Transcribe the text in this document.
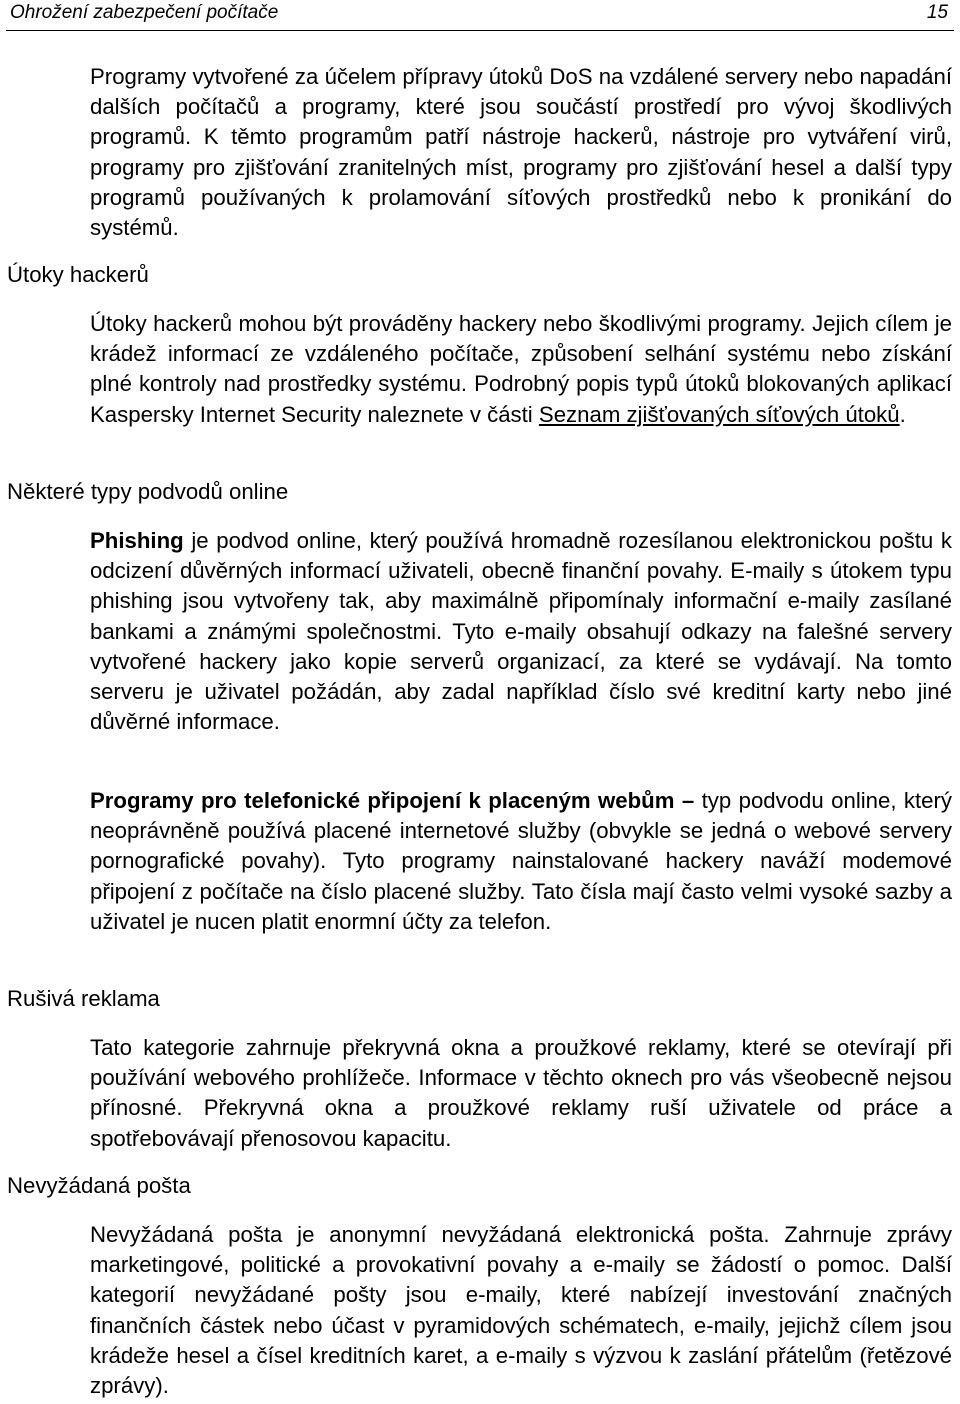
Ohrožení zabezpečení počítače	15

Programy vytvořené za účelem přípravy útoků DoS na vzdálené servery nebo napadání dalších počítačů a programy, které jsou součástí prostředí pro vývoj škodlivých programů. K těmto programům patří nástroje hackerů, nástroje pro vytváření virů, programy pro zjišťování zranitelných míst, programy pro zjišťování hesel a další typy programů používaných k prolamování síťových prostředků nebo k pronikání do systémů.

Útoky hackerů

Útoky hackerů mohou být prováděny hackery nebo škodlivými programy. Jejich cílem je krádež informací ze vzdáleného počítače, způsobení selhání systému nebo získání plné kontroly nad prostředky systému. Podrobný popis typů útoků blokovaných aplikací Kaspersky Internet Security naleznete v části Seznam zjišťovaných síťových útoků.

Některé typy podvodů online

Phishing je podvod online, který používá hromadně rozesílanou elektronickou poštu k odcizení důvěrných informací uživateli, obecně finanční povahy. E-maily s útokem typu phishing jsou vytvořeny tak, aby maximálně připomínaly informační e-maily zasílané bankami a známými společnostmi. Tyto e-maily obsahují odkazy na falešné servery vytvořené hackery jako kopie serverů organizací, za které se vydávají. Na tomto serveru je uživatel požádán, aby zadal například číslo své kreditní karty nebo jiné důvěrné informace.

Programy pro telefonické připojení k placeným webům – typ podvodu online, který neoprávněně používá placené internetové služby (obvykle se jedná o webové servery pornografické povahy). Tyto programy nainstalované hackery naváží modemové připojení z počítače na číslo placené služby. Tato čísla mají často velmi vysoké sazby a uživatel je nucen platit enormní účty za telefon.

Rušivá reklama

Tato kategorie zahrnuje překryvná okna a proužkové reklamy, které se otevírají při používání webového prohlížeče. Informace v těchto oknech pro vás všeobecně nejsou přínosné. Překryvná okna a proužkové reklamy ruší uživatele od práce a spotřebovávají přenosovou kapacitu.

Nevyžádaná pošta

Nevyžádaná pošta je anonymní nevyžádaná elektronická pošta. Zahrnuje zprávy marketingové, politické a provokativní povahy a e-maily se žádostí o pomoc. Další kategorií nevyžádané pošty jsou e-maily, které nabízejí investování značných finančních částek nebo účast v pyramidových schématech, e-maily, jejichž cílem jsou krádeže hesel a čísel kreditních karet, a e-maily s výzvou k zaslání přátelům (řetězové zprávy).
